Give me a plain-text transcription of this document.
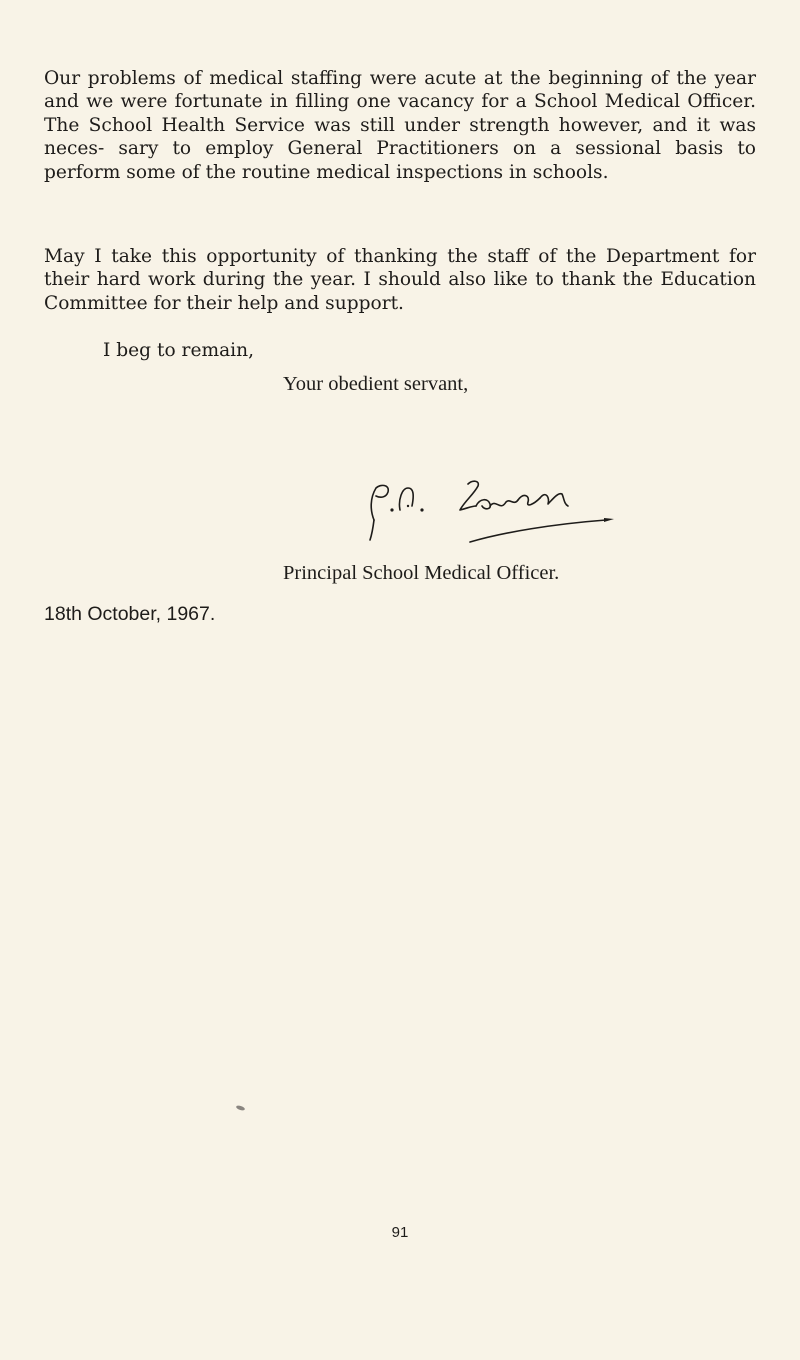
Our problems of medical staffing were acute at the beginning of the year and we were fortunate in filling one vacancy for a School Medical Officer. The School Health Service was still under strength however, and it was neces- sary to employ General Practitioners on a sessional basis to perform some of the routine medical inspections in schools.

May I take this opportunity of thanking the staff of the Department for their hard work during the year. I should also like to thank the Education Committee for their help and support.

I beg to remain,

Your obedient servant,

Principal School Medical Officer.

18th October, 1967.

91
